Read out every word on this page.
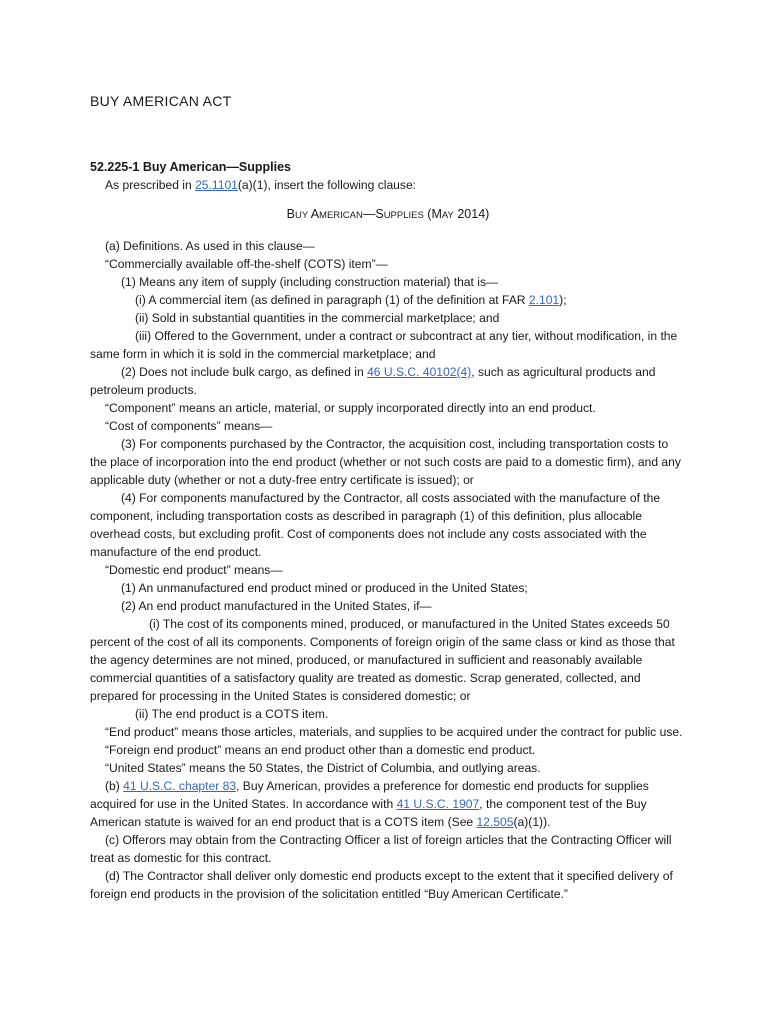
BUY AMERICAN ACT

52.225-1 Buy American—Supplies

As prescribed in 25.1101(a)(1), insert the following clause:

BUY AMERICAN—SUPPLIES (MAY 2014)

(a) Definitions. As used in this clause—

“Commercially available off-the-shelf (COTS) item”—

(1) Means any item of supply (including construction material) that is—

(i) A commercial item (as defined in paragraph (1) of the definition at FAR 2.101);

(ii) Sold in substantial quantities in the commercial marketplace; and

(iii) Offered to the Government, under a contract or subcontract at any tier, without modification, in the same form in which it is sold in the commercial marketplace; and

(2) Does not include bulk cargo, as defined in 46 U.S.C. 40102(4), such as agricultural products and petroleum products.

“Component” means an article, material, or supply incorporated directly into an end product.

“Cost of components” means—

(3) For components purchased by the Contractor, the acquisition cost, including transportation costs to the place of incorporation into the end product (whether or not such costs are paid to a domestic firm), and any applicable duty (whether or not a duty-free entry certificate is issued); or

(4) For components manufactured by the Contractor, all costs associated with the manufacture of the component, including transportation costs as described in paragraph (1) of this definition, plus allocable overhead costs, but excluding profit. Cost of components does not include any costs associated with the manufacture of the end product.

“Domestic end product” means—

(1) An unmanufactured end product mined or produced in the United States;

(2) An end product manufactured in the United States, if—

(i) The cost of its components mined, produced, or manufactured in the United States exceeds 50 percent of the cost of all its components. Components of foreign origin of the same class or kind as those that the agency determines are not mined, produced, or manufactured in sufficient and reasonably available commercial quantities of a satisfactory quality are treated as domestic. Scrap generated, collected, and prepared for processing in the United States is considered domestic; or

(ii) The end product is a COTS item.

“End product” means those articles, materials, and supplies to be acquired under the contract for public use.

“Foreign end product” means an end product other than a domestic end product.

“United States” means the 50 States, the District of Columbia, and outlying areas.

(b) 41 U.S.C. chapter 83, Buy American, provides a preference for domestic end products for supplies acquired for use in the United States. In accordance with 41 U.S.C. 1907, the component test of the Buy American statute is waived for an end product that is a COTS item (See 12.505(a)(1)).

(c) Offerors may obtain from the Contracting Officer a list of foreign articles that the Contracting Officer will treat as domestic for this contract.

(d) The Contractor shall deliver only domestic end products except to the extent that it specified delivery of foreign end products in the provision of the solicitation entitled “Buy American Certificate.”
